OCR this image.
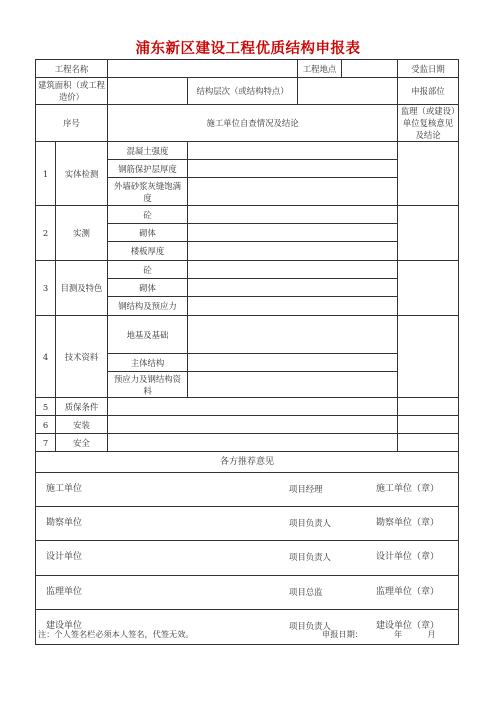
浦东新区建设工程优质结构申报表
工程名称				工程地点		受监日期

建筑面积（或工程造价）			结构层次（或结构特点）			申报部位
序号		施工单位自查情况及结论				监理（或建设）单位复核意见及结论
1	实体检测	混凝土强度				
		钢筋保护层厚度				
		外墙砂浆灰缝饱满度				
2	实测	砼				
		砌体				
		楼板厚度				
3	目测及特色	砼				
		砌体				
		钢结构及预应力				
4	技术资料	地基及基础				
		主体结构				
		预应力及钢结构资料				
5	质保条件					
6	安装					
7	安全					
各方推荐意见						

施工单位 项目经理 施工单位（章）						

勘察单位 项目负责人 勘察单位（章）						

设计单位 项目负责人 设计单位（章）						

监理单位 项目总监 监理单位（章）						

建设单位 项目负责人 建设单位（章）						
注：个人签名栏必须本人签名，代签无效。	申报日期：	年	月
